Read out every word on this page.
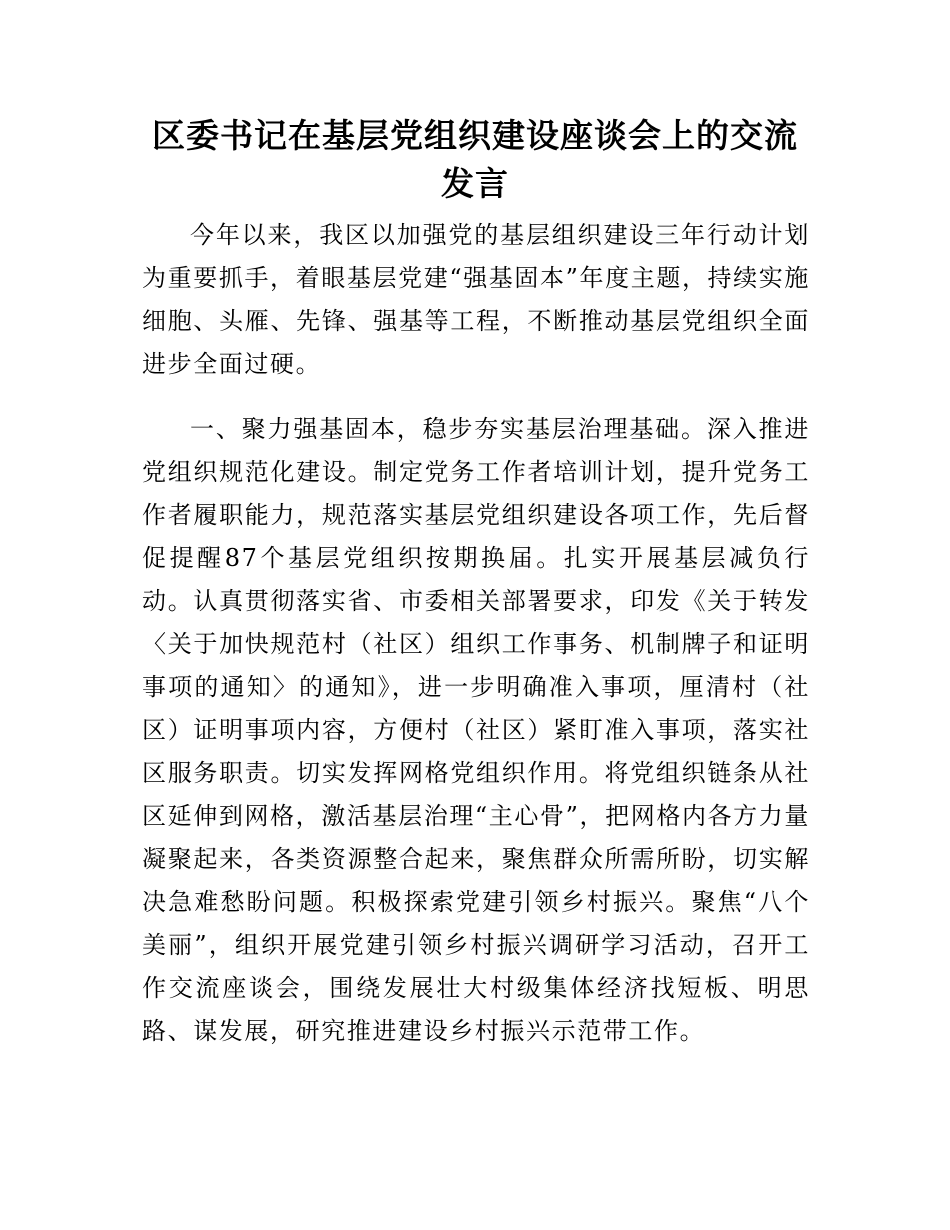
区委书记在基层党组织建设座谈会上的交流发言

今年以来，我区以加强党的基层组织建设三年行动计划为重要抓手，着眼基层党建“强基固本”年度主题，持续实施细胞、头雁、先锋、强基等工程，不断推动基层党组织全面进步全面过硬。

一、聚力强基固本，稳步夯实基层治理基础。深入推进党组织规范化建设。制定党务工作者培训计划，提升党务工作者履职能力，规范落实基层党组织建设各项工作，先后督促提醒87个基层党组织按期换届。扎实开展基层减负行动。认真贯彻落实省、市委相关部署要求，印发《关于转发〈关于加快规范村（社区）组织工作事务、机制牌子和证明事项的通知〉的通知》，进一步明确准入事项，厘清村（社区）证明事项内容，方便村（社区）紧盯准入事项，落实社区服务职责。切实发挥网格党组织作用。将党组织链条从社区延伸到网格，激活基层治理“主心骨”，把网格内各方力量凝聚起来，各类资源整合起来，聚焦群众所需所盼，切实解决急难愁盼问题。积极探索党建引领乡村振兴。聚焦“八个美丽”，组织开展党建引领乡村振兴调研学习活动，召开工作交流座谈会，围绕发展壮大村级集体经济找短板、明思路、谋发展，研究推进建设乡村振兴示范带工作。
